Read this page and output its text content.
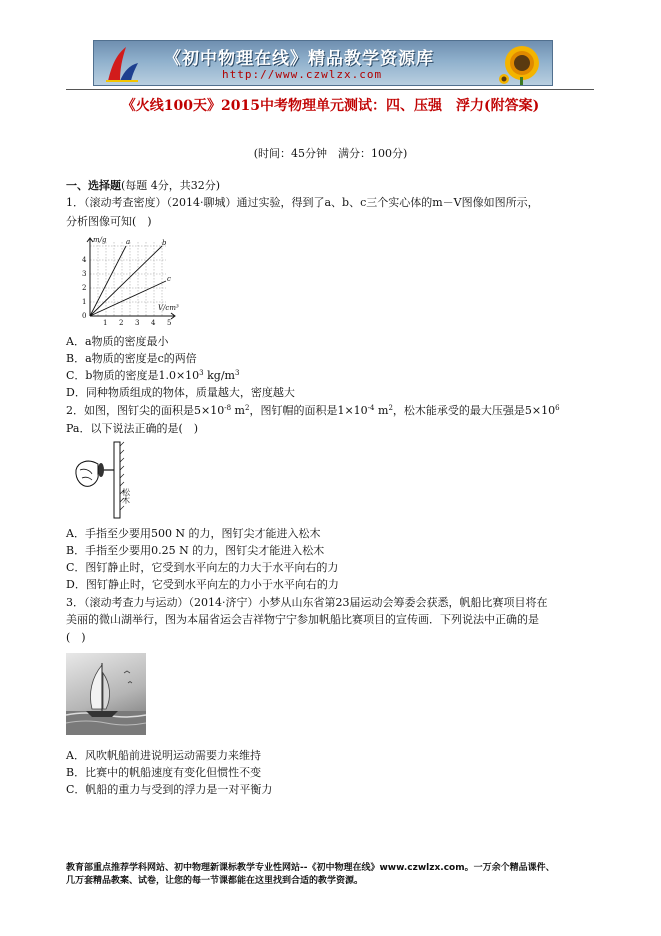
《初中物理在线》精品教学资源库
http://www.czwlzx.com
《火线100天》2015中考物理单元测试：四、压强　浮力(附答案)
(时间：45分钟　满分：100分)
一、选择题(每题 4分，共32分)
1．（滚动考查密度）（2014·聊城）通过实验，得到了a、b、c三个实心体的m－V图像如图所示，
分析图像可知(　)
a	b
c
m/g
V/cm³
4
3
2
1
0
1 2 3 4 5
A．a物质的密度最小
B．a物质的密度是c的两倍
C．b物质的密度是$1.0\times 10^3$ $kg/m^3$
D．同种物质组成的物体，质量越大，密度越大
2．如图，图钉尖的面积是$5\times 10^{-8}$ $m^2$，图钉帽的面积是$1\times 10^{-4}$ $m^2$，松木能承受的最大压强是$5\times 10^6$
Pa．以下说法正确的是(　)
松木
A．手指至少要用500 N 的力，图钉尖才能进入松木
B．手指至少要用0.25 N 的力，图钉尖才能进入松木
C．图钉静止时，它受到水平向左的力大于水平向右的力
D．图钉静止时，它受到水平向左的力小于水平向右的力
3．（滚动考查力与运动）（2014·济宁）小梦从山东省第23届运动会筹委会获悉，帆船比赛项目将在
美丽的微山湖举行，图为本届省运会吉祥物宁宁参加帆船比赛项目的宣传画．下列说法中正确的是
(　)
A．风吹帆船前进说明运动需要力来维持
B．比赛中的帆船速度有变化但惯性不变
C．帆船的重力与受到的浮力是一对平衡力
教育部重点推荐学科网站、初中物理新课标教学专业性网站--《初中物理在线》www.czwlzx.com。一万余个精品课件、
几万套精品教案、试卷，让您的每一节课都能在这里找到合适的教学资源。
